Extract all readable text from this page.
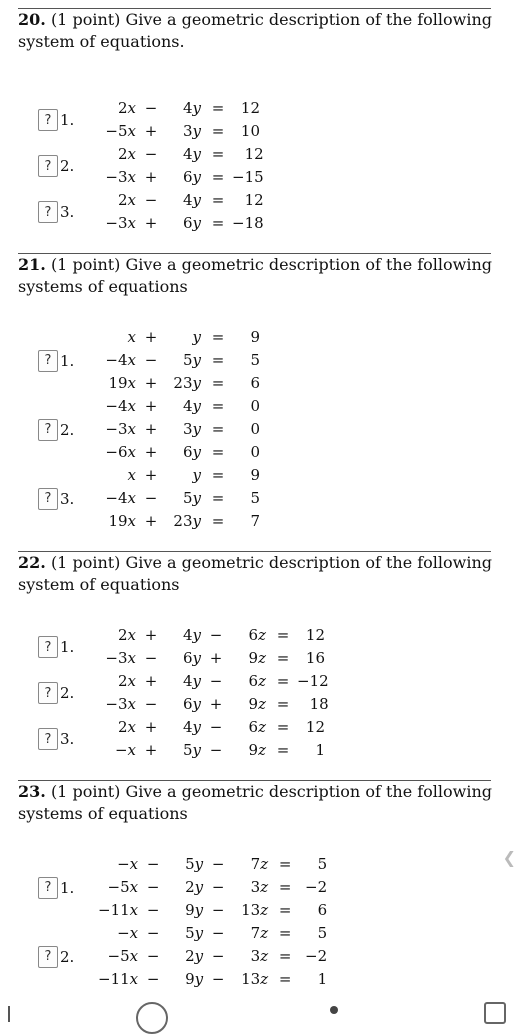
20. (1 point) Give a geometric description of the following system of equations.
? 1.
2x	−	4y	=	12
−5x	+	3y	=	10
? 2.
2x	−	4y	=	12
−3x	+	6y	=	−15
? 3.
2x	−	4y	=	12
−3x	+	6y	=	−18
21. (1 point) Give a geometric description of the following systems of equations
? 1.
x	+	y	=	9
−4x	−	5y	=	5
19x	+	23y	=	6
? 2.
−4x	+	4y	=	0
−3x	+	3y	=	0
−6x	+	6y	=	0
? 3.
x	+	y	=	9
−4x	−	5y	=	5
19x	+	23y	=	7
22. (1 point) Give a geometric description of the following system of equations
? 1.
2x	+	4y	−	6z	=	12
−3x	−	6y	+	9z	=	16
? 2.
2x	+	4y	−	6z	=	−12
−3x	−	6y	+	9z	=	18
? 3.
2x	+	4y	−	6z	=	12
−x	+	5y	−	9z	=	1
23. (1 point) Give a geometric description of the following systems of equations
? 1.
−x	−	5y	−	7z	=	5
−5x	−	2y	−	3z	=	−2
−11x	−	9y	−	13z	=	6
? 2.
−x	−	5y	−	7z	=	5
−5x	−	2y	−	3z	=	−2
−11x	−	9y	−	13z	=	1
❮
